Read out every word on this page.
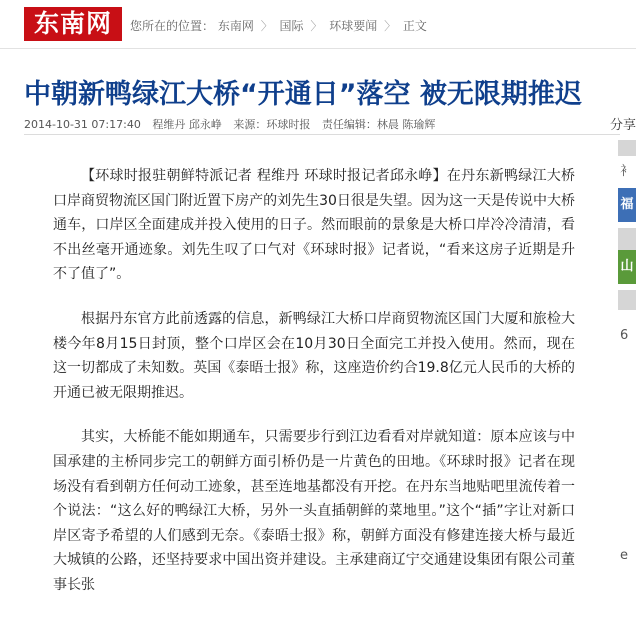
东南网	您所在的位置： 东南网 〉 国际 〉 环球要闻 〉 正文
中朝新鸭绿江大桥“开通日”落空 被无限期推迟
2014-10-31 07:17:40 程维丹 邱永峥 来源：环球时报 责任编辑：林晨 陈瑜辉	分享

【环球时报驻朝鲜特派记者 程维丹 环球时报记者邱永峥】在丹东新鸭绿江大桥口岸商贸物流区国门附近置下房产的刘先生30日很是失望。因为这一天是传说中大桥通车，口岸区全面建成并投入使用的日子。然而眼前的景象是大桥口岸冷冷清清，看不出丝毫开通迹象。刘先生叹了口气对《环球时报》记者说，“看来这房子近期是升不了值了”。

根据丹东官方此前透露的信息，新鸭绿江大桥口岸商贸物流区国门大厦和旅检大楼今年8月15日封顶，整个口岸区会在10月30日全面完工并投入使用。然而，现在这一切都成了未知数。英国《泰晤士报》称，这座造价约合19.8亿元人民币的大桥的开通已被无限期推迟。

其实，大桥能不能如期通车，只需要步行到江边看看对岸就知道：原本应该与中国承建的主桥同步完工的朝鲜方面引桥仍是一片黄色的田地。《环球时报》记者在现场没有看到朝方任何动工迹象，甚至连地基都没有开挖。在丹东当地贴吧里流传着一个说法：“这么好的鸭绿江大桥，另外一头直插朝鲜的菜地里。”这个“插”字让对新口岸区寄予希望的人们感到无奈。《泰晤士报》称，朝鲜方面没有修建连接大桥与最近大城镇的公路，还坚持要求中国出资并建设。主承建商辽宁交通建设集团有限公司董事长张

衤
福
山
6
e
